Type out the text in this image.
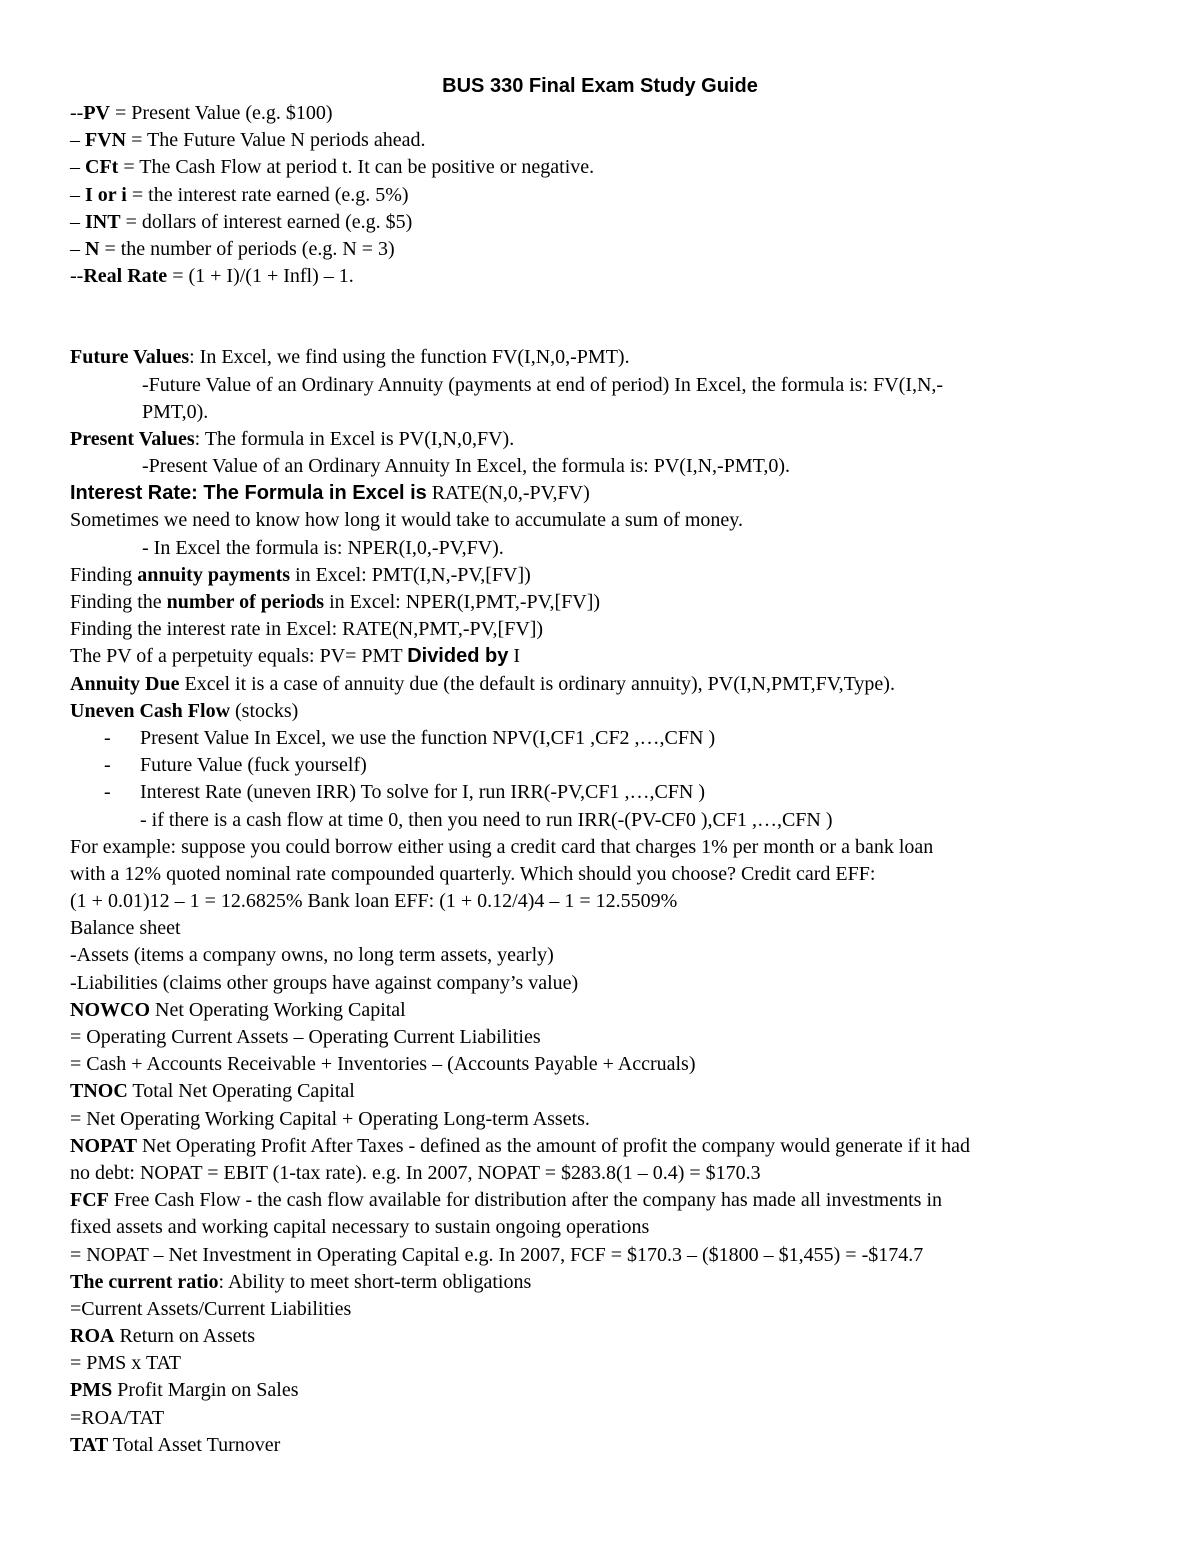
BUS 330 Final Exam Study Guide
--PV = Present Value (e.g. $100)
– FVN = The Future Value N periods ahead.
– CFt = The Cash Flow at period t. It can be positive or negative.
– I or i = the interest rate earned (e.g. 5%)
– INT = dollars of interest earned (e.g. $5)
– N = the number of periods (e.g. N = 3)
--Real Rate = (1 + I)/(1 + Infl) – 1.
Future Values: In Excel, we find using the function FV(I,N,0,-PMT).
-Future Value of an Ordinary Annuity (payments at end of period) In Excel, the formula is: FV(I,N,-
PMT,0).
Present Values: The formula in Excel is PV(I,N,0,FV).
-Present Value of an Ordinary Annuity In Excel, the formula is: PV(I,N,-PMT,0).
Interest Rate: The Formula in Excel is RATE(N,0,-PV,FV)
Sometimes we need to know how long it would take to accumulate a sum of money.
- In Excel the formula is: NPER(I,0,-PV,FV).
Finding annuity payments in Excel: PMT(I,N,-PV,[FV])
Finding the number of periods in Excel: NPER(I,PMT,-PV,[FV])
Finding the interest rate in Excel: RATE(N,PMT,-PV,[FV])
The PV of a perpetuity equals: PV= PMT Divided by I
Annuity Due Excel it is a case of annuity due (the default is ordinary annuity), PV(I,N,PMT,FV,Type).
Uneven Cash Flow (stocks)
- Present Value In Excel, we use the function NPV(I,CF1 ,CF2 ,…,CFN )
- Future Value (fuck yourself)
- Interest Rate (uneven IRR) To solve for I, run IRR(-PV,CF1 ,…,CFN )
- if there is a cash flow at time 0, then you need to run IRR(-(PV-CF0 ),CF1 ,…,CFN )
For example: suppose you could borrow either using a credit card that charges 1% per month or a bank loan
with a 12% quoted nominal rate compounded quarterly. Which should you choose? Credit card EFF:
(1 + 0.01)12 – 1 = 12.6825% Bank loan EFF: (1 + 0.12/4)4 – 1 = 12.5509%
Balance sheet
-Assets (items a company owns, no long term assets, yearly)
-Liabilities (claims other groups have against company’s value)
NOWCO Net Operating Working Capital
= Operating Current Assets – Operating Current Liabilities
= Cash + Accounts Receivable + Inventories – (Accounts Payable + Accruals)
TNOC Total Net Operating Capital
= Net Operating Working Capital + Operating Long-term Assets.
NOPAT Net Operating Profit After Taxes - defined as the amount of profit the company would generate if it had
no debt: NOPAT = EBIT (1-tax rate). e.g. In 2007, NOPAT = $283.8(1 – 0.4) = $170.3
FCF Free Cash Flow - the cash flow available for distribution after the company has made all investments in
fixed assets and working capital necessary to sustain ongoing operations
= NOPAT – Net Investment in Operating Capital e.g. In 2007, FCF = $170.3 – ($1800 – $1,455) = -$174.7
The current ratio: Ability to meet short-term obligations
=Current Assets/Current Liabilities
ROA Return on Assets
= PMS x TAT
PMS Profit Margin on Sales
=ROA/TAT
TAT Total Asset Turnover
